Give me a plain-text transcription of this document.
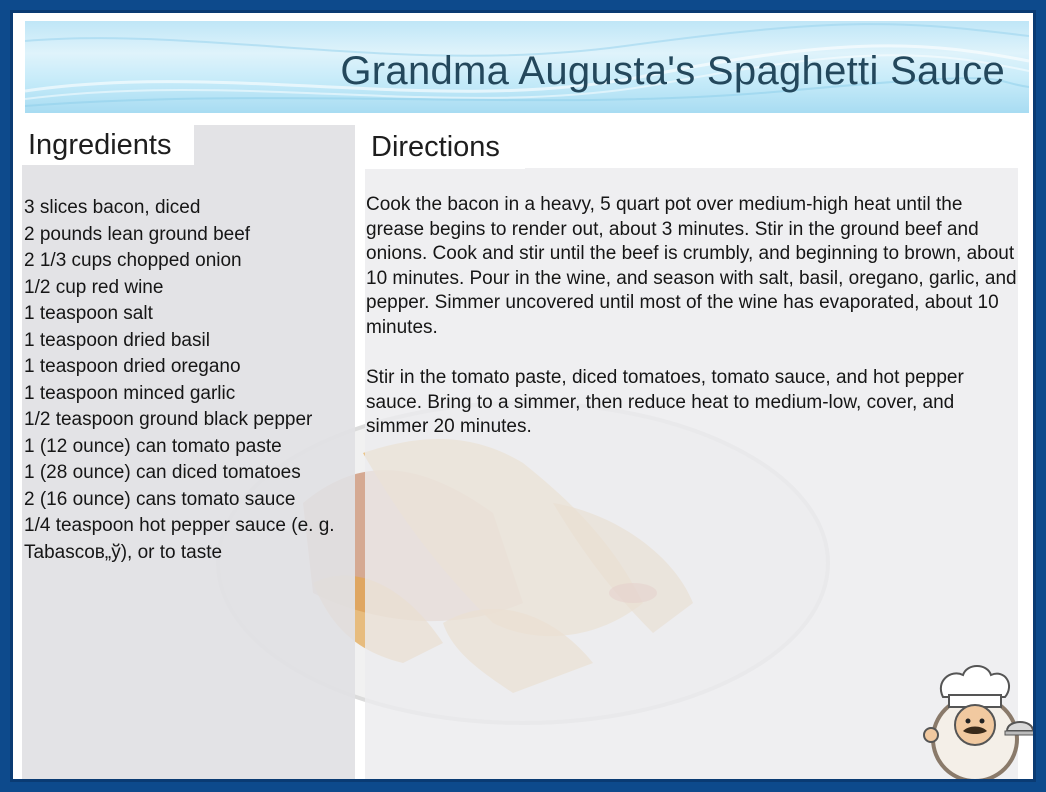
Grandma Augusta's Spaghetti Sauce
Ingredients	Directions
3 slices bacon, diced
2 pounds lean ground beef
2 1/3 cups chopped onion
1/2 cup red wine
1 teaspoon salt
1 teaspoon dried basil
1 teaspoon dried oregano
1 teaspoon minced garlic
1/2 teaspoon ground black pepper
1 (12 ounce) can tomato paste
1 (28 ounce) can diced tomatoes
2 (16 ounce) cans tomato sauce
1/4 teaspoon hot pepper sauce (e. g. Tabascoв„ў), or to taste

Cook the bacon in a heavy, 5 quart pot over medium-high heat until the grease begins to render out, about 3 minutes. Stir in the ground beef and onions. Cook and stir until the beef is crumbly, and beginning to brown, about 10 minutes. Pour in the wine, and season with salt, basil, oregano, garlic, and pepper. Simmer uncovered until most of the wine has evaporated, about 10 minutes.

Stir in the tomato paste, diced tomatoes, tomato sauce, and hot pepper sauce. Bring to a simmer, then reduce heat to medium-low, cover, and simmer 20 minutes.
